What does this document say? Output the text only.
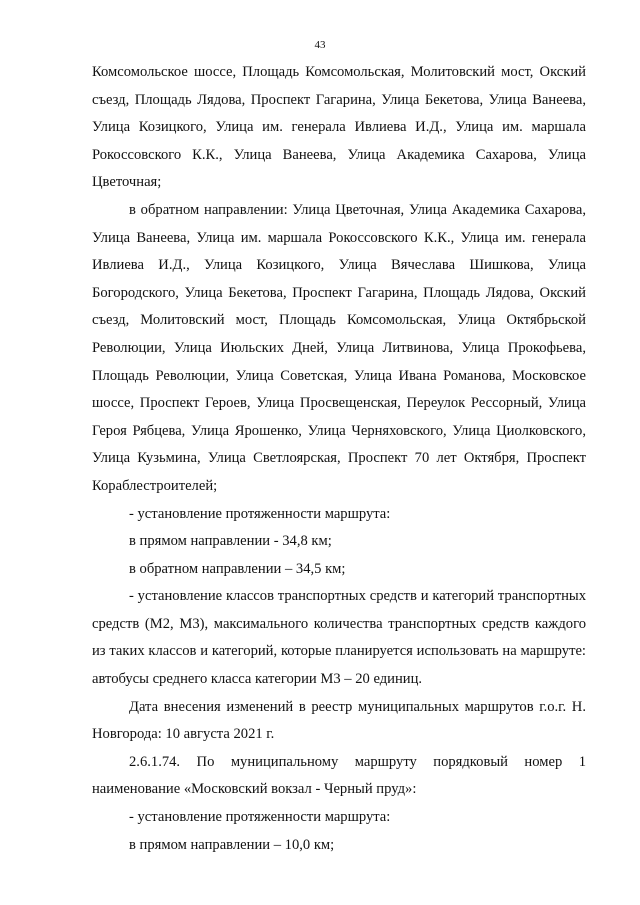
43

Комсомольское шоссе, Площадь Комсомольская, Молитовский мост, Окский съезд, Площадь Лядова, Проспект Гагарина, Улица Бекетова, Улица Ванеева, Улица Козицкого, Улица им. генерала Ивлиева И.Д., Улица им. маршала Рокоссовского К.К., Улица Ванеева, Улица Академика Сахарова, Улица Цветочная;

в обратном направлении: Улица Цветочная, Улица Академика Сахарова, Улица Ванеева, Улица им. маршала Рокоссовского К.К., Улица им. генерала Ивлиева И.Д., Улица Козицкого, Улица Вячеслава Шишкова, Улица Богородского, Улица Бекетова, Проспект Гагарина, Площадь Лядова, Окский съезд, Молитовский мост, Площадь Комсомольская, Улица Октябрьской Революции, Улица Июльских Дней, Улица Литвинова, Улица Прокофьева, Площадь Революции, Улица Советская, Улица Ивана Романова, Московское шоссе, Проспект Героев, Улица Просвещенская, Переулок Рессорный, Улица Героя Рябцева, Улица Ярошенко, Улица Черняховского, Улица Циолковского, Улица Кузьмина, Улица Светлоярская, Проспект 70 лет Октября, Проспект Кораблестроителей;

- установление протяженности маршрута:

в прямом направлении - 34,8 км;

в обратном направлении – 34,5 км;

- установление классов транспортных средств и категорий транспортных средств (М2, М3), максимального количества транспортных средств каждого из таких классов и категорий, которые планируется использовать на маршруте: автобусы среднего класса категории М3 – 20 единиц.

Дата внесения изменений в реестр муниципальных маршрутов г.о.г. Н. Новгорода: 10 августа 2021 г.

2.6.1.74. По муниципальному маршруту порядковый номер 1 наименование «Московский вокзал - Черный пруд»:

- установление протяженности маршрута:

в прямом направлении – 10,0 км;
